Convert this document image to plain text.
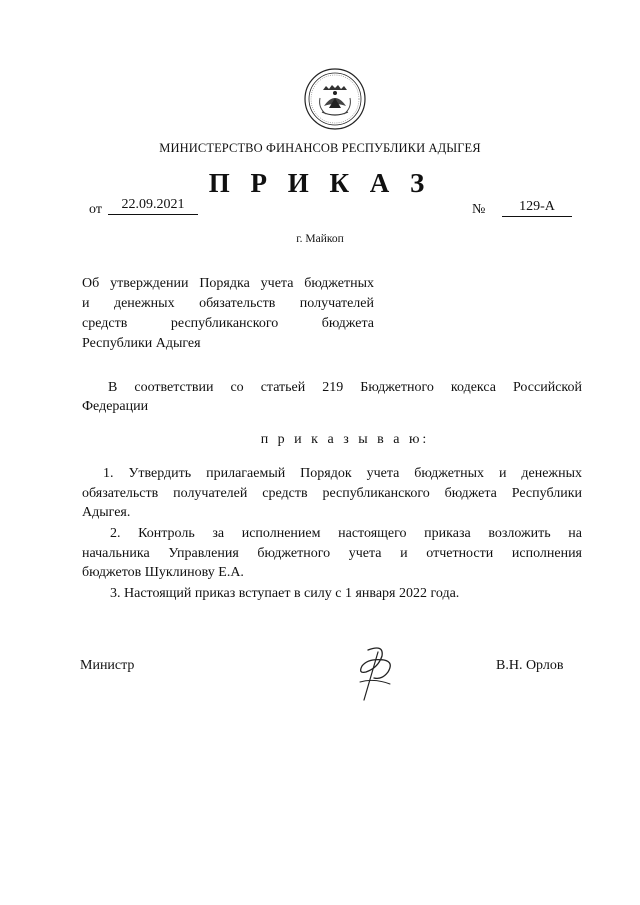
МИНИСТЕРСТВО ФИНАНСОВ РЕСПУБЛИКИ АДЫГЕЯ
П Р И К А З
от	22.09.2021	№	129-А
г. Майкоп
Об утверждении Порядка учета бюджетных
и денежных обязательств получателей
средств республиканского бюджета
Республики Адыгея
В соответствии со статьей 219 Бюджетного кодекса Российской
Федерации
п р и к а з ы в а ю:
1. Утвердить прилагаемый Порядок учета бюджетных и денежных
обязательств получателей средств республиканского бюджета Республики
Адыгея.
2. Контроль за исполнением настоящего приказа возложить на
начальника Управления бюджетного учета и отчетности исполнения
бюджетов Шуклинову Е.А.
3. Настоящий приказ вступает в силу с 1 января 2022 года.
Министр	В.Н. Орлов
